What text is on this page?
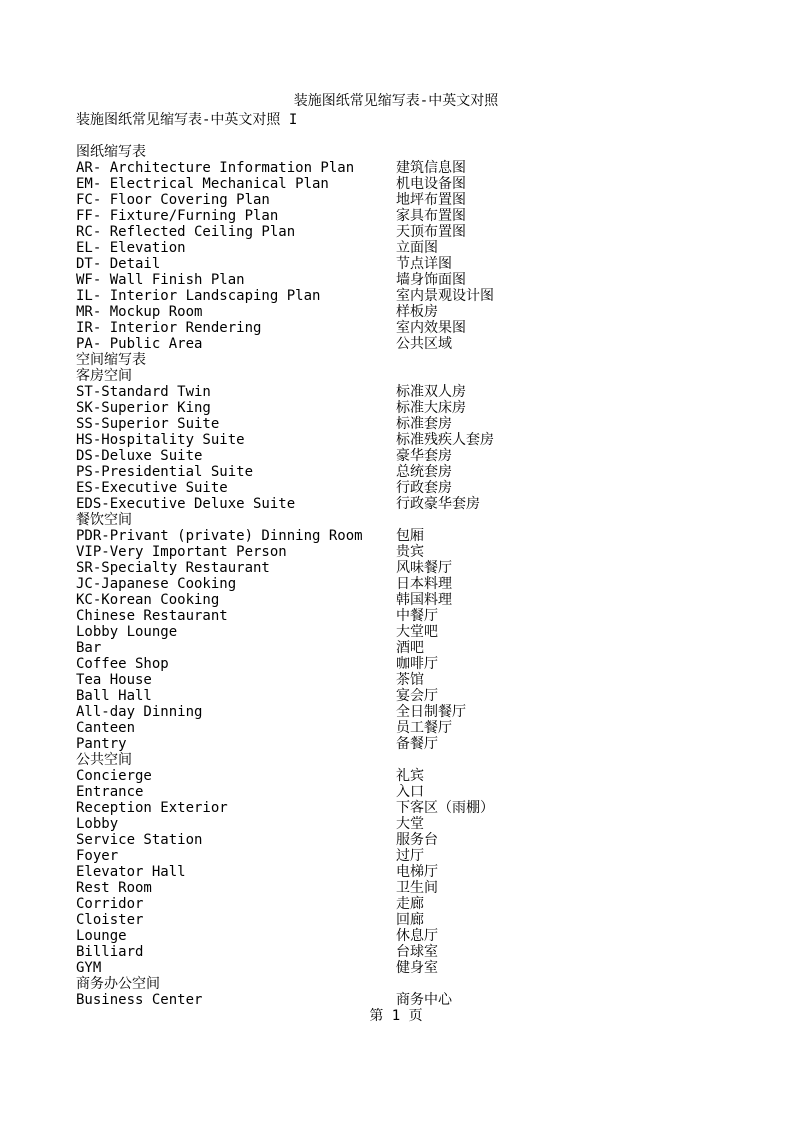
装施图纸常见缩写表-中英文对照
装施图纸常见缩写表-中英文对照 I
图纸缩写表
AR- Architecture Information Plan	建筑信息图
EM- Electrical Mechanical Plan	机电设备图
FC- Floor Covering Plan	地坪布置图
FF- Fixture/Furning Plan	家具布置图
RC- Reflected Ceiling Plan	天顶布置图
EL- Elevation	立面图
DT- Detail	节点详图
WF- Wall Finish Plan	墙身饰面图
IL- Interior Landscaping Plan	室内景观设计图
MR- Mockup Room	样板房
IR- Interior Rendering	室内效果图
PA- Public Area	公共区域
空间缩写表
客房空间
ST-Standard Twin	标准双人房
SK-Superior King	标准大床房
SS-Superior Suite	标准套房
HS-Hospitality Suite	标准残疾人套房
DS-Deluxe Suite	豪华套房
PS-Presidential Suite	总统套房
ES-Executive Suite	行政套房
EDS-Executive Deluxe Suite	行政豪华套房
餐饮空间
PDR-Privant (private) Dinning Room 包厢
VIP-Very Important Person	贵宾
SR-Specialty Restaurant	风味餐厅
JC-Japanese Cooking	日本料理
KC-Korean Cooking	韩国料理
Chinese Restaurant	中餐厅
Lobby Lounge	大堂吧
Bar	酒吧
Coffee Shop	咖啡厅
Tea House	茶馆
Ball Hall	宴会厅
All-day Dinning	全日制餐厅
Canteen	员工餐厅
Pantry	备餐厅
公共空间
Concierge	礼宾
Entrance	入口
Reception Exterior	下客区（雨棚）
Lobby	大堂
Service Station	服务台
Foyer	过厅
Elevator Hall	电梯厅
Rest Room	卫生间
Corridor	走廊
Cloister	回廊
Lounge	休息厅
Billiard	台球室
GYM	健身室
商务办公空间
Business Center	商务中心
第 1 页
